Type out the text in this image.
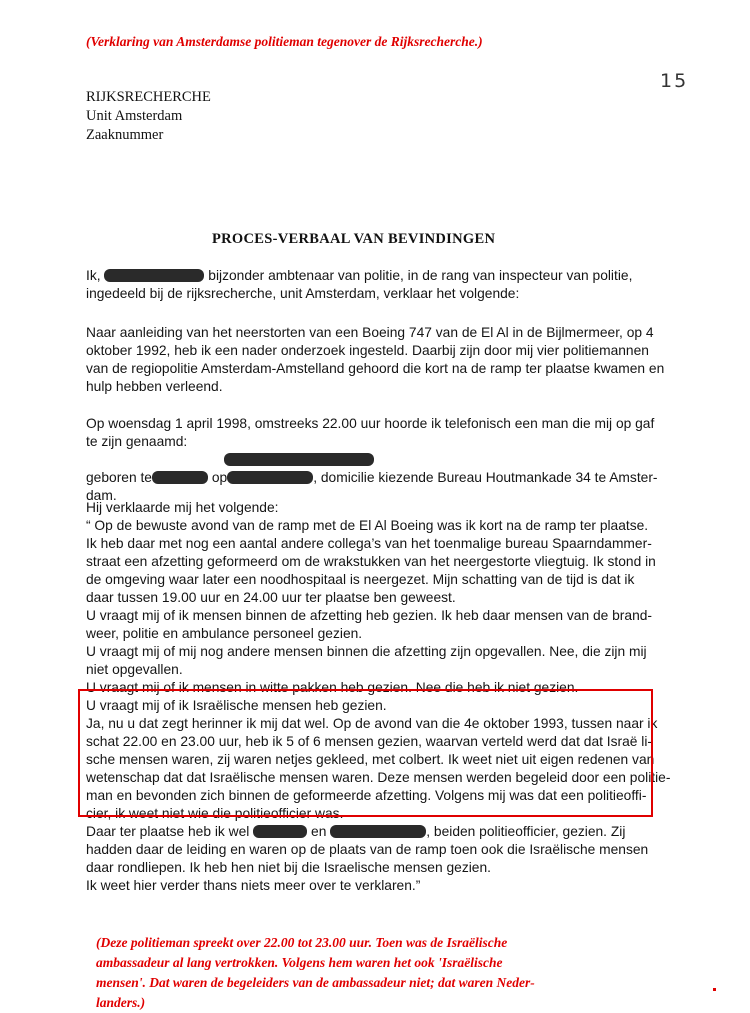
(Verklaring van Amsterdamse politieman tegenover de Rijksrecherche.)
15
RIJKSRECHERCHE
Unit Amsterdam
Zaaknummer
PROCES-VERBAAL VAN BEVINDINGEN
Ik,	bijzonder ambtenaar van politie, in de rang van inspecteur van politie,
ingedeeld bij de rijksrecherche, unit Amsterdam, verklaar het volgende:
Naar aanleiding van het neerstorten van een Boeing 747 van de El Al in de Bijlmermeer, op 4
oktober 1992, heb ik een nader onderzoek ingesteld. Daarbij zijn door mij vier politiemannen
van de regiopolitie Amsterdam-Amstelland gehoord die kort na de ramp ter plaatse kwamen en
hulp hebben verleend.
Op woensdag 1 april 1998, omstreeks 22.00 uur hoorde ik telefonisch een man die mij op gaf
te zijn genaamd:
geboren te	op	, domicilie kiezende Bureau Houtmankade 34 te Amster-
dam.
Hij verklaarde mij het volgende:
“ Op de bewuste avond van de ramp met de El Al Boeing was ik kort na de ramp ter plaatse.
Ik heb daar met nog een aantal andere collega’s van het toenmalige bureau Spaarndammer-
straat een afzetting geformeerd om de wrakstukken van het neergestorte vliegtuig. Ik stond in
de omgeving waar later een noodhospitaal is neergezet. Mijn schatting van de tijd is dat ik
daar tussen 19.00 uur en 24.00 uur ter plaatse ben geweest.
U vraagt mij of ik mensen binnen de afzetting heb gezien. Ik heb daar mensen van de brand-
weer, politie en ambulance personeel gezien.
U vraagt mij of mij nog andere mensen binnen die afzetting zijn opgevallen. Nee, die zijn mij
niet opgevallen.
U vraagt mij of ik mensen in witte pakken heb gezien. Nee die heb ik niet gezien.
U vraagt mij of ik Israëlische mensen heb gezien.
Ja, nu u dat zegt herinner ik mij dat wel. Op de avond van die 4e oktober 1993, tussen naar ik
schat 22.00 en 23.00 uur, heb ik 5 of 6 mensen gezien, waarvan verteld werd dat dat Israë li-
sche mensen waren, zij waren netjes gekleed, met colbert. Ik weet niet uit eigen redenen van
wetenschap dat dat Israëlische mensen waren. Deze mensen werden begeleid door een politie-
man en bevonden zich binnen de geformeerde afzetting. Volgens mij was dat een politieoffi-
cier, ik weet niet wie die politieofficier was.
Daar ter plaatse heb ik wel	en	, beiden politieofficier, gezien. Zij
hadden daar de leiding en waren op de plaats van de ramp toen ook die Israëlische mensen
daar rondliepen. Ik heb hen niet bij die Israelische mensen gezien.
Ik weet hier verder thans niets meer over te verklaren.”
(Deze politieman spreekt over 22.00 tot 23.00 uur. Toen was de Israëlische
ambassadeur al lang vertrokken. Volgens hem waren het ook 'Israëlische
mensen'. Dat waren de begeleiders van de ambassadeur niet; dat waren Neder-
landers.)
